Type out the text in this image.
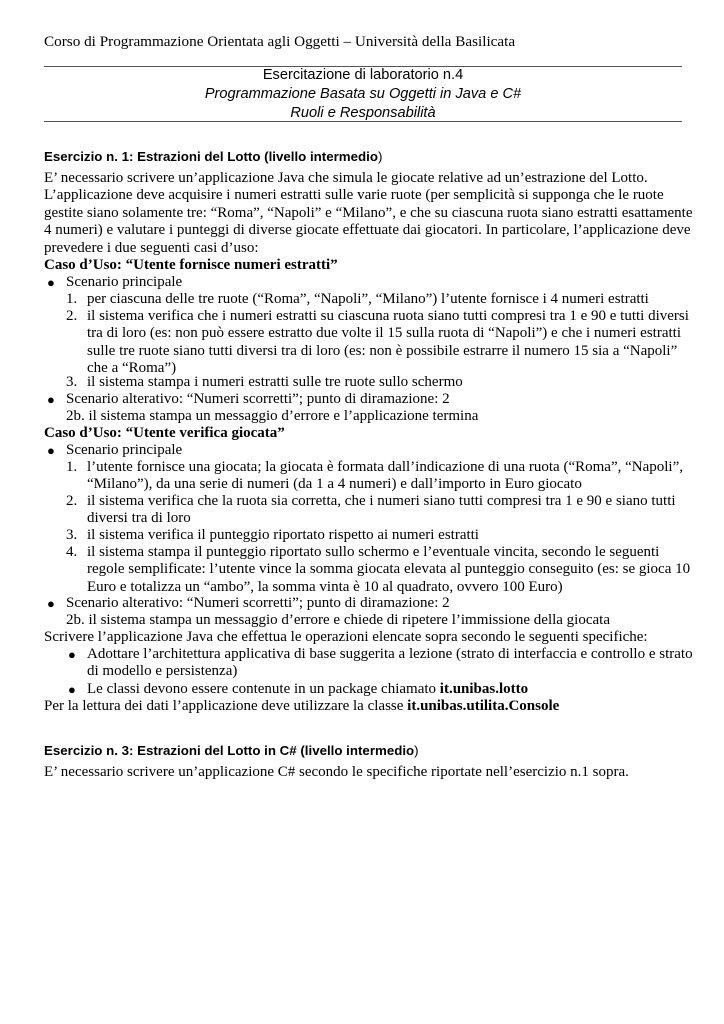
Corso di Programmazione Orientata agli Oggetti – Università della Basilicata
Esercitazione di laboratorio n.4
Programmazione Basata su Oggetti in Java e C#
Ruoli e Responsabilità
Esercizio n. 1: Estrazioni del Lotto (livello intermedio)
E’ necessario scrivere un’applicazione Java che simula le giocate relative ad un’estrazione del Lotto.
L’applicazione deve acquisire i numeri estratti sulle varie ruote (per semplicità si supponga che le ruote
gestite siano solamente tre: “Roma”, “Napoli” e “Milano”, e che su ciascuna ruota siano estratti esattamente
4 numeri) e valutare i punteggi di diverse giocate effettuate dai giocatori. In particolare, l’applicazione deve
prevedere i due seguenti casi d’uso:
Caso d’Uso: “Utente fornisce numeri estratti”
● Scenario principale
1. per ciascuna delle tre ruote (“Roma”, “Napoli”, “Milano”) l’utente fornisce i 4 numeri estratti
2. il sistema verifica che i numeri estratti su ciascuna ruota siano tutti compresi tra 1 e 90 e tutti diversi
tra di loro (es: non può essere estratto due volte il 15 sulla ruota di “Napoli”) e che i numeri estratti
sulle tre ruote siano tutti diversi tra di loro (es: non è possibile estrarre il numero 15 sia a “Napoli”
che a “Roma”)
3. il sistema stampa i numeri estratti sulle tre ruote sullo schermo
● Scenario alterativo: “Numeri scorretti”; punto di diramazione: 2
2b. il sistema stampa un messaggio d’errore e l’applicazione termina
Caso d’Uso: “Utente verifica giocata”
● Scenario principale
1. l’utente fornisce una giocata; la giocata è formata dall’indicazione di una ruota (“Roma”, “Napoli”,
“Milano”), da una serie di numeri (da 1 a 4 numeri) e dall’importo in Euro giocato
2. il sistema verifica che la ruota sia corretta, che i numeri siano tutti compresi tra 1 e 90 e siano tutti
diversi tra di loro
3. il sistema verifica il punteggio riportato rispetto ai numeri estratti
4. il sistema stampa il punteggio riportato sullo schermo e l’eventuale vincita, secondo le seguenti
regole semplificate: l’utente vince la somma giocata elevata al punteggio conseguito (es: se gioca 10
Euro e totalizza un “ambo”, la somma vinta è 10 al quadrato, ovvero 100 Euro)
● Scenario alterativo: “Numeri scorretti”; punto di diramazione: 2
2b. il sistema stampa un messaggio d’errore e chiede di ripetere l’immissione della giocata
Scrivere l’applicazione Java che effettua le operazioni elencate sopra secondo le seguenti specifiche:
● Adottare l’architettura applicativa di base suggerita a lezione (strato di interfaccia e controllo e strato
di modello e persistenza)
● Le classi devono essere contenute in un package chiamato it.unibas.lotto
Per la lettura dei dati l’applicazione deve utilizzare la classe it.unibas.utilita.Console
Esercizio n. 3: Estrazioni del Lotto in C# (livello intermedio)
E’ necessario scrivere un’applicazione C# secondo le specifiche riportate nell’esercizio n.1 sopra.
